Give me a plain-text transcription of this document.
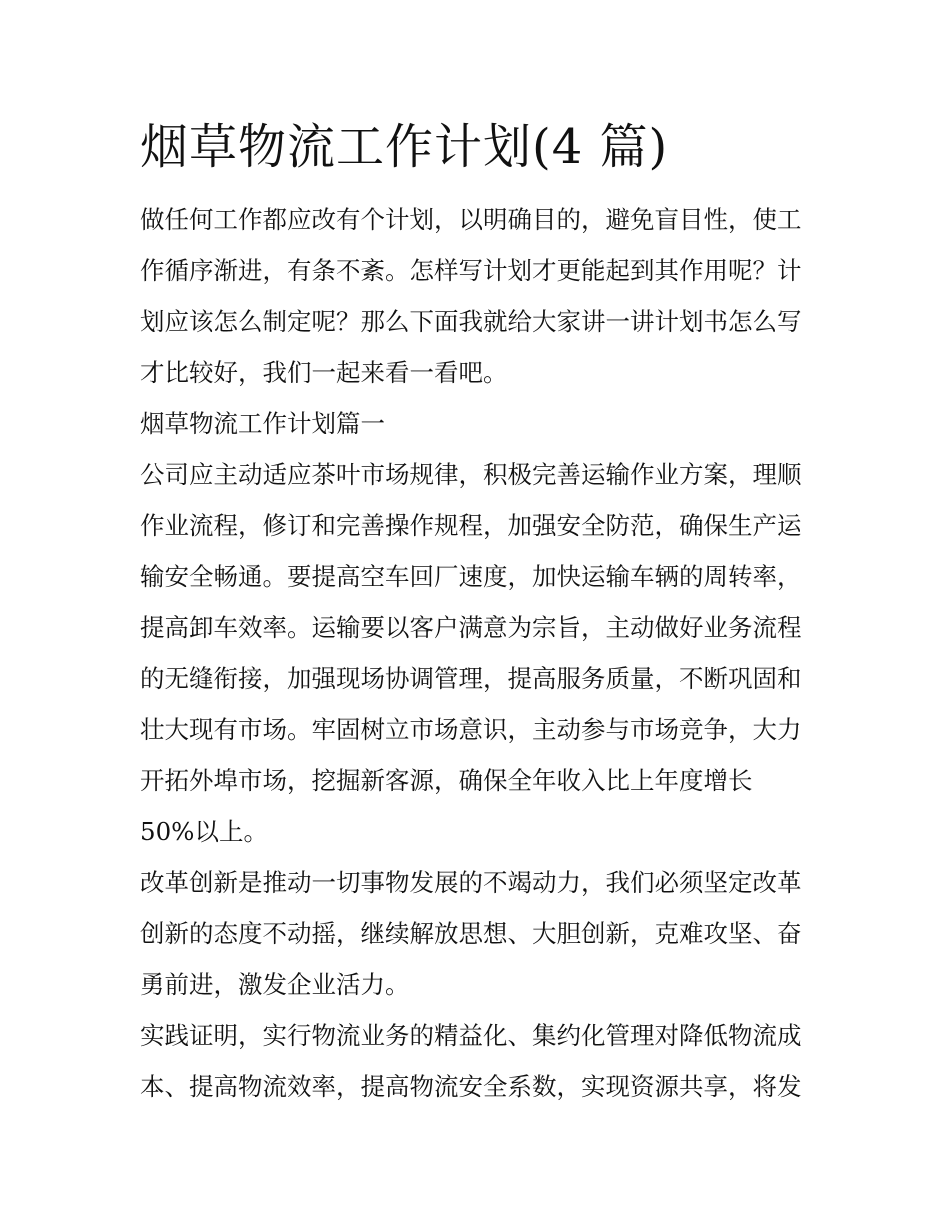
烟草物流工作计划(4 篇)
做任何工作都应改有个计划，以明确目的，避免盲目性，使工
作循序渐进，有条不紊。怎样写计划才更能起到其作用呢？计
划应该怎么制定呢？那么下面我就给大家讲一讲计划书怎么写
才比较好，我们一起来看一看吧。
烟草物流工作计划篇一
公司应主动适应茶叶市场规律，积极完善运输作业方案，理顺
作业流程，修订和完善操作规程，加强安全防范，确保生产运
输安全畅通。要提高空车回厂速度，加快运输车辆的周转率，
提高卸车效率。运输要以客户满意为宗旨，主动做好业务流程
的无缝衔接，加强现场协调管理，提高服务质量，不断巩固和
壮大现有市场。牢固树立市场意识，主动参与市场竞争，大力
开拓外埠市场，挖掘新客源，确保全年收入比上年度增长
50%以上。
改革创新是推动一切事物发展的不竭动力，我们必须坚定改革
创新的态度不动摇，继续解放思想、大胆创新，克难攻坚、奋
勇前进，激发企业活力。
实践证明，实行物流业务的精益化、集约化管理对降低物流成
本、提高物流效率，提高物流安全系数，实现资源共享，将发
